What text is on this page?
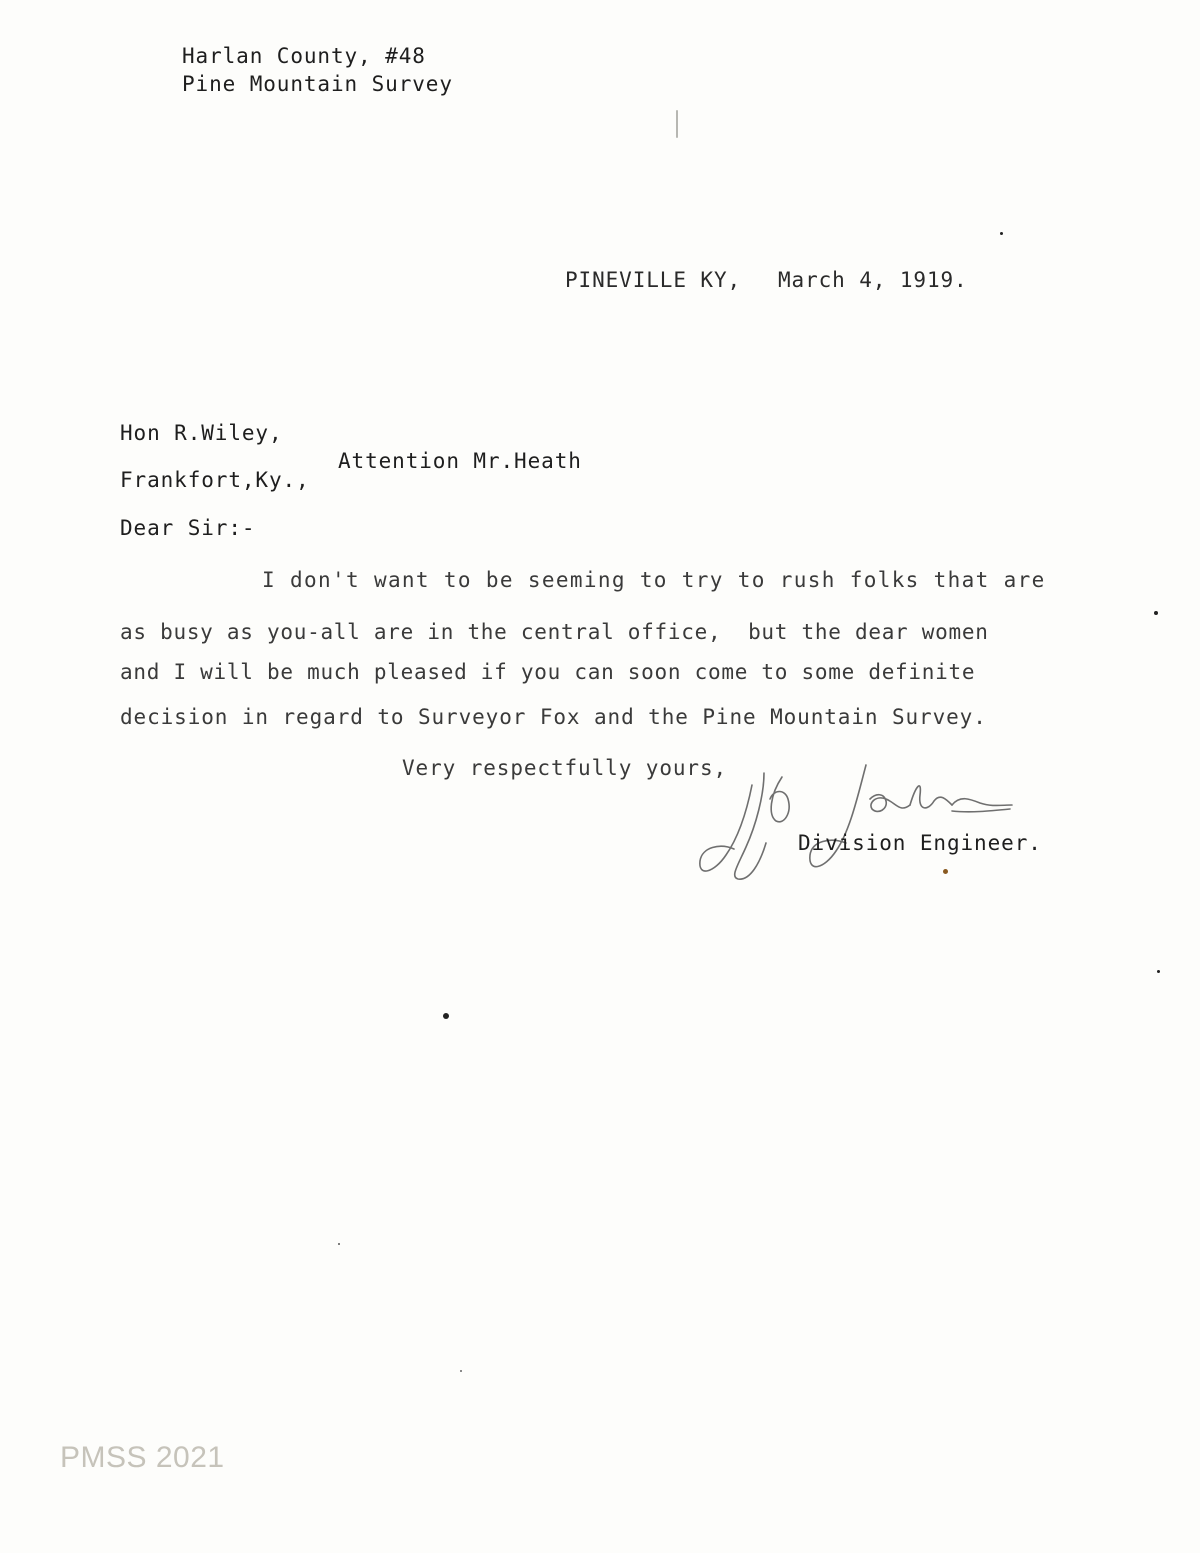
Harlan County, #48
Pine Mountain Survey
PINEVILLE KY, March 4, 1919.
Hon R.Wiley,
Attention Mr.Heath
Frankfort,Ky.,
Dear Sir:-
I don't want to be seeming to try to rush folks that are
as busy as you-all are in the central office,  but the dear women
and I will be much pleased if you can soon come to some definite
decision in regard to Surveyor Fox and the Pine Mountain Survey.
Very respectfully yours,
Division Engineer.
PMSS 2021
